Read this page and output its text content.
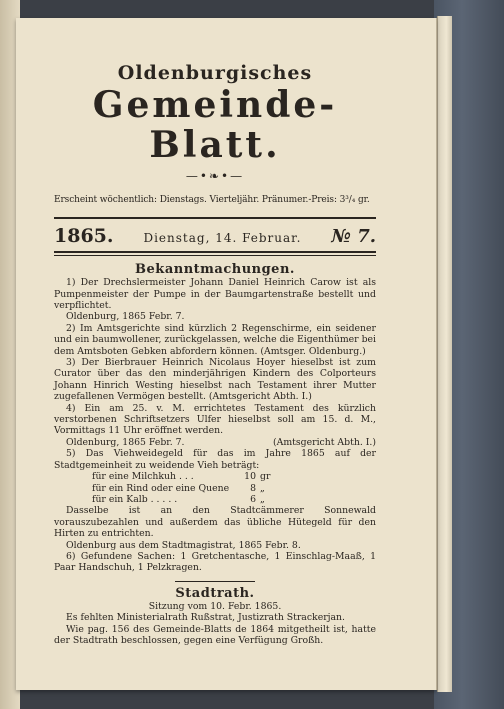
Oldenburgisches
Gemeinde-Blatt.
—•❧•—
Erscheint wöchentlich: Dienstags. Vierteljähr. Pränumer.-Preis: 3³/₄ gr.
1865.	Dienstag, 14. Februar.	№ 7.
Bekanntmachungen.

1) Der Drechslermeister Johann Daniel Heinrich Carow ist als Pumpenmeister der Pumpe in der Baumgartenstraße bestellt und verpflichtet.

Oldenburg, 1865 Febr. 7.

2) Im Amtsgerichte sind kürzlich 2 Regenschirme, ein seidener und ein baumwollener, zurückgelassen, welche die Eigenthümer bei dem Amtsboten Gebken abfordern können. (Amtsger. Oldenburg.)

3) Der Bierbrauer Heinrich Nicolaus Hoyer hieselbst ist zum Curator über das den minderjährigen Kindern des Colporteurs Johann Hinrich Westing hieselbst nach Testament ihrer Mutter zugefallenen Vermögen bestellt. (Amtsgericht Abth. I.)

4) Ein am 25. v. M. errichtetes Testament des kürzlich verstorbenen Schriftsetzers Ulfer hieselbst soll am 15. d. M., Vormittags 11 Uhr eröffnet werden.

Oldenburg, 1865 Febr. 7.	(Amtsgericht Abth. I.)

5) Das Viehweidegeld für das im Jahre 1865 auf der Stadtgemeinheit zu weidende Vieh beträgt:

für eine Milchkuh . . .	10 gr
für ein Rind oder eine Quene	8 „
für ein Kalb . . . . .	6 „

Dasselbe ist an den Stadtcämmerer Sonnewald vorauszubezahlen und außerdem das übliche Hütegeld für den Hirten zu entrichten.

Oldenburg aus dem Stadtmagistrat, 1865 Febr. 8.

6) Gefundene Sachen: 1 Gretchentasche, 1 Einschlag-Maaß, 1 Paar Handschuh, 1 Pelzkragen.

Stadtrath.
Sitzung vom 10. Febr. 1865.

Es fehlten Ministerialrath Rußstrat, Justizrath Strackerjan.

Wie pag. 156 des Gemeinde-Blatts de 1864 mitgetheilt ist, hatte der Stadtrath beschlossen, gegen eine Verfügung Großh.
